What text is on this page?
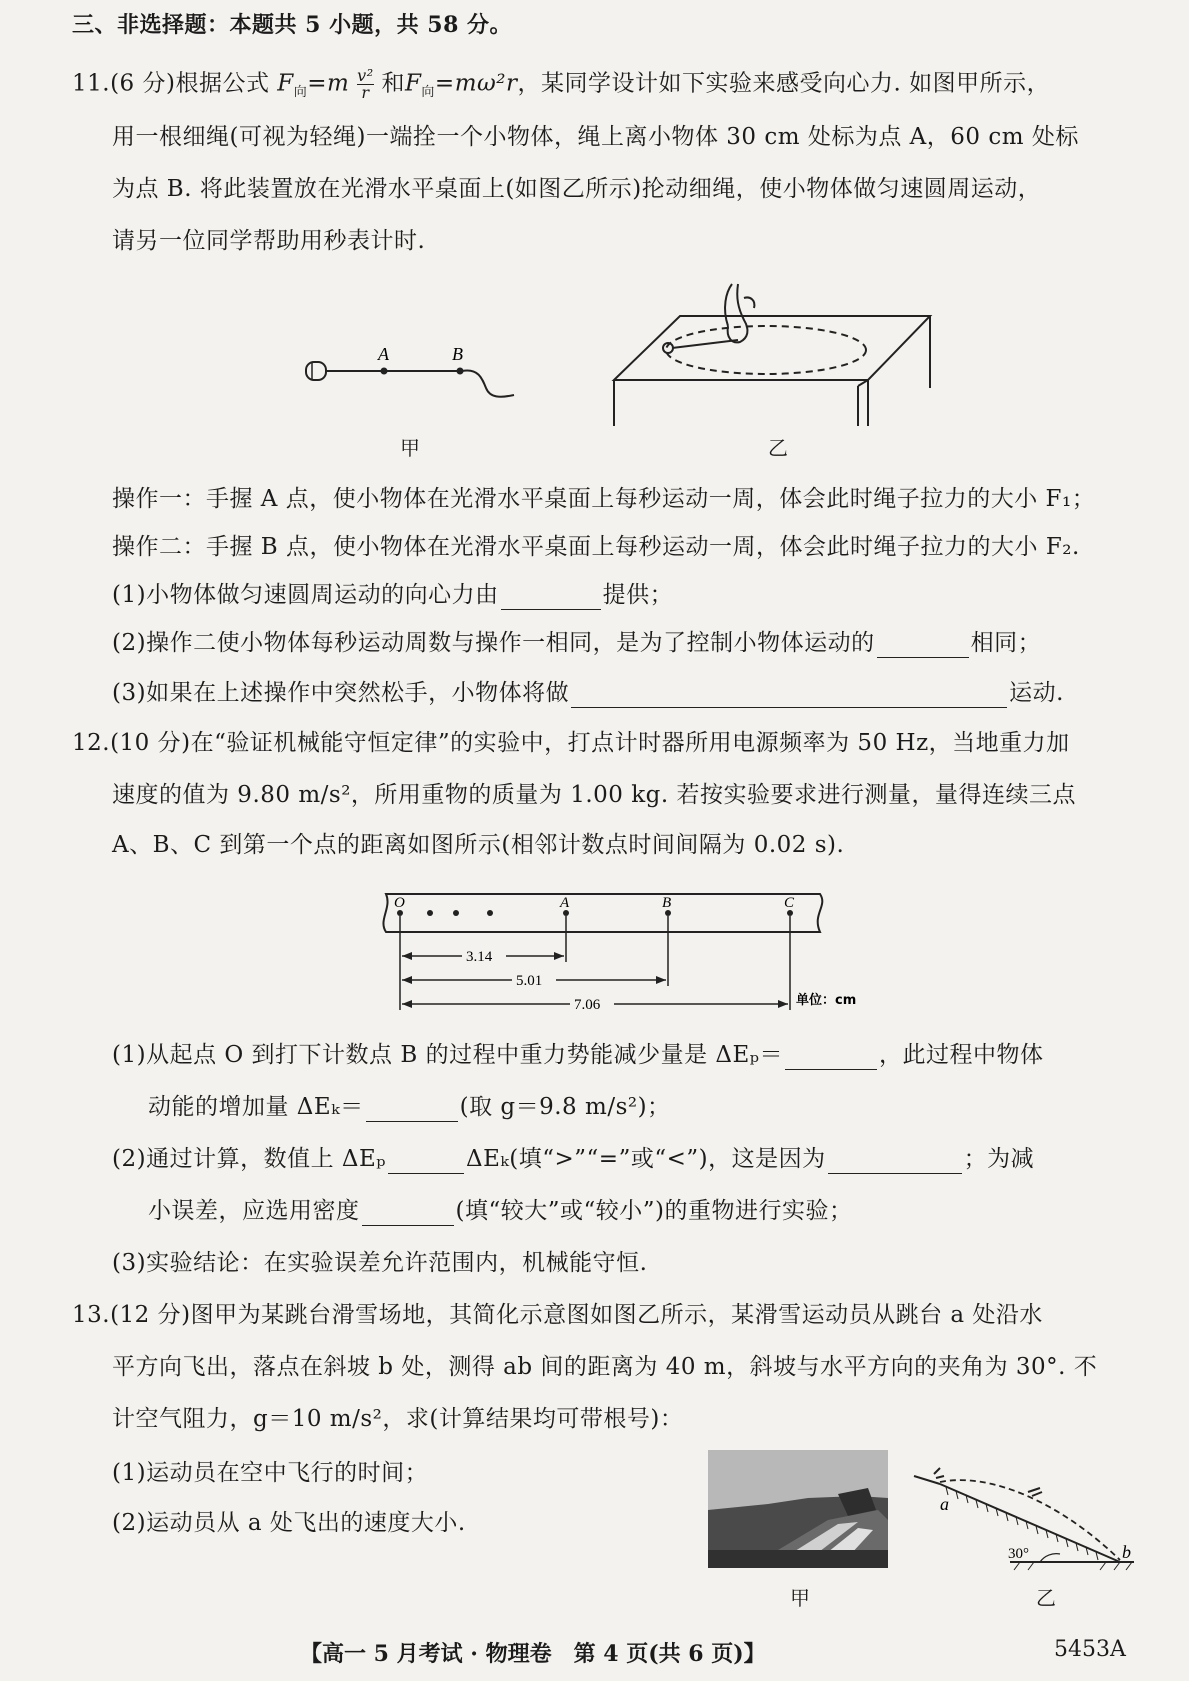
三、非选择题：本题共 5 小题，共 58 分。
11.(6 分)根据公式 $F_向=m \frac{\text{v²}}{r}$ 和$F_向=m\omega^2r$，某同学设计如下实验来感受向心力. 如图甲所示，
用一根细绳(可视为轻绳)一端拴一个小物体，绳上离小物体 30 cm 处标为点 A，60 cm 处标
为点 B. 将此装置放在光滑水平桌面上(如图乙所示)抡动细绳，使小物体做匀速圆周运动，
请另一位同学帮助用秒表计时.
A	B
甲	乙
操作一：手握 A 点，使小物体在光滑水平桌面上每秒运动一周，体会此时绳子拉力的大小 F₁；
操作二：手握 B 点，使小物体在光滑水平桌面上每秒运动一周，体会此时绳子拉力的大小 F₂.
(1)小物体做匀速圆周运动的向心力由	提供；
(2)操作二使小物体每秒运动周数与操作一相同，是为了控制小物体运动的	相同；
(3)如果在上述操作中突然松手，小物体将做	运动.
12.(10 分)在“验证机械能守恒定律”的实验中，打点计时器所用电源频率为 50 Hz，当地重力加
速度的值为 9.80 m/s²，所用重物的质量为 1.00 kg. 若按实验要求进行测量，量得连续三点
A、B、C 到第一个点的距离如图所示(相邻计数点时间间隔为 0.02 s).
O	A	B	C
3.14
5.01
7.06	单位：cm
(1)从起点 O 到打下计数点 B 的过程中重力势能减少量是 ΔEₚ＝	，此过程中物体
动能的增加量 ΔEₖ＝	(取 g＝9.8 m/s²)；
(2)通过计算，数值上 ΔEₚ	ΔEₖ(填“>”“=”或“<”)，这是因为	；为减
小误差，应选用密度	(填“较大”或“较小”)的重物进行实验；
(3)实验结论：在实验误差允许范围内，机械能守恒.
13.(12 分)图甲为某跳台滑雪场地，其简化示意图如图乙所示，某滑雪运动员从跳台 a 处沿水
平方向飞出，落点在斜坡 b 处，测得 ab 间的距离为 40 m，斜坡与水平方向的夹角为 30°. 不
计空气阻力，g＝10 m/s²，求(计算结果均可带根号)：
(1)运动员在空中飞行的时间；
(2)运动员从 a 处飞出的速度大小.
甲
a
b
30°
乙
【高一 5 月考试 · 物理卷　第 4 页(共 6 页)】	5453A
